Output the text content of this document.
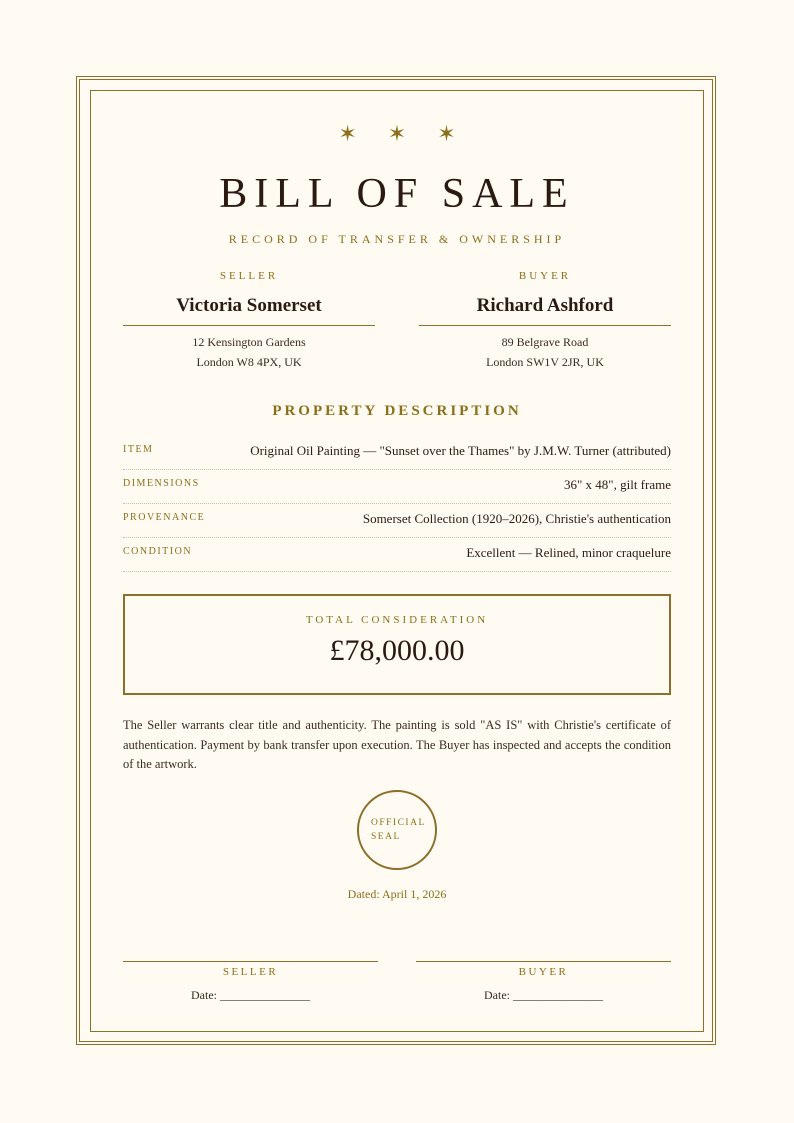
✶ ✶ ✶
BILL OF SALE
RECORD OF TRANSFER & OWNERSHIP
SELLER
Victoria Somerset
12 Kensington Gardens
London W8 4PX, UK
BUYER
Richard Ashford
89 Belgrave Road
London SW1V 2JR, UK
PROPERTY DESCRIPTION
ITEM	Original Oil Painting — "Sunset over the Thames" by J.M.W. Turner (attributed)
DIMENSIONS	36" x 48", gilt frame
PROVENANCE	Somerset Collection (1920–2026), Christie's authentication
CONDITION	Excellent — Relined, minor craquelure
TOTAL CONSIDERATION
£78,000.00
The Seller warrants clear title and authenticity. The painting is sold "AS IS" with Christie's certificate of authentication. Payment by bank transfer upon execution. The Buyer has inspected and accepts the condition of the artwork.
OFFICIAL
SEAL
Dated: April 1, 2026
SELLER
Date: _______________
BUYER
Date: _______________
